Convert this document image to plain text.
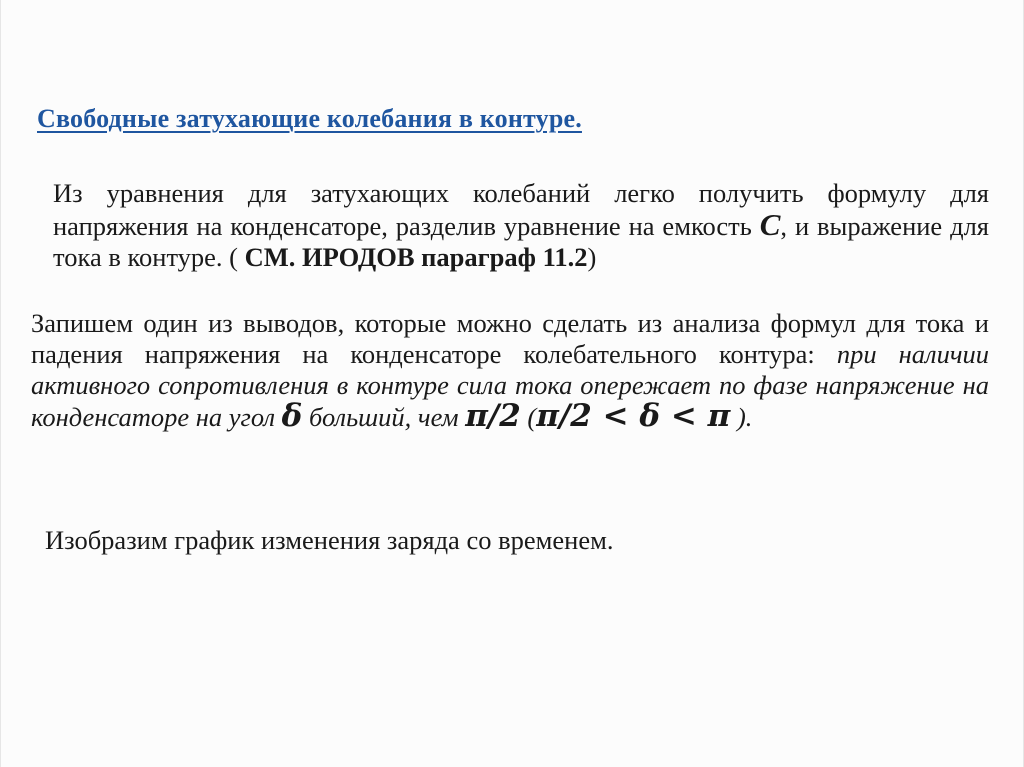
Свободные затухающие колебания в контуре.
Из уравнения для затухающих колебаний легко получить формулу для напряжения на конденсаторе, разделив уравнение на емкость C, и выражение для тока в контуре. ( СМ. ИРОДОВ параграф 11.2)
Запишем один из выводов, которые можно сделать из анализа формул для тока и падения напряжения на конденсаторе колебательного контура: при наличии активного сопротивления в контуре сила тока опережает по фазе напряжение на конденсаторе на угол δ больший, чем π/2 (π/2 < δ < π ).
Изобразим график изменения заряда со временем.
